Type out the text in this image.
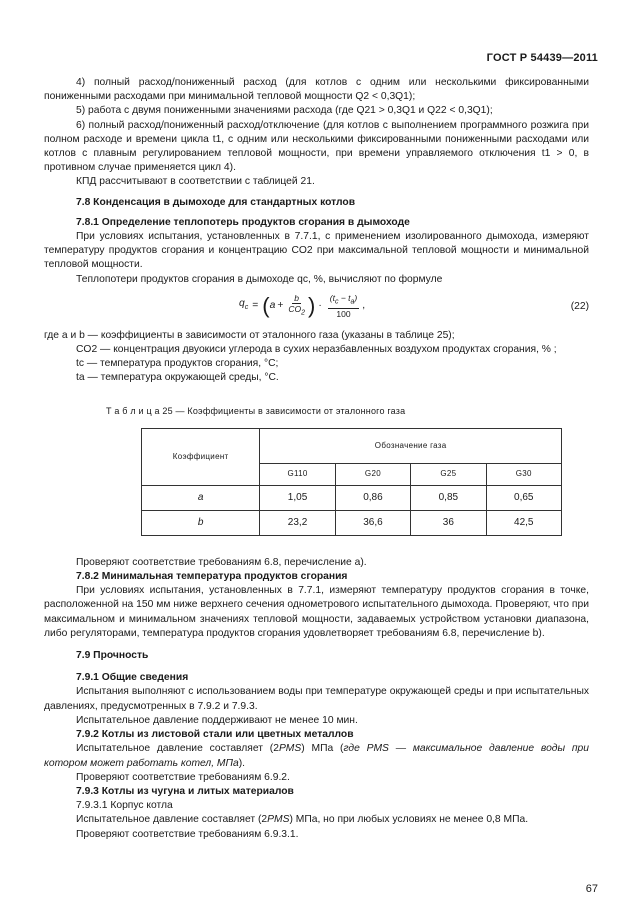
ГОСТ Р 54439—2011

4) полный расход/пониженный расход (для котлов с одним или несколькими фиксированными пониженными расходами при минимальной тепловой мощности Q2 < 0,3Q1);

5) работа с двумя пониженными значениями расхода (где Q21 > 0,3Q1 и Q22 < 0,3Q1);

6) полный расход/пониженный расход/отключение (для котлов с выполнением программного розжига при полном расходе и времени цикла t1, с одним или несколькими фиксированными пониженными расходами или котлов с плавным регулированием тепловой мощности, при времени управляемого отключения t1 > 0, в противном случае применяется цикл 4).

КПД рассчитывают в соответствии с таблицей 21.

7.8 Конденсация в дымоходе для стандартных котлов

7.8.1 Определение теплопотерь продуктов сгорания в дымоходе

При условиях испытания, установленных в 7.7.1, с применением изолированного дымохода, измеряют температуру продуктов сгорания и концентрацию CO2 при максимальной тепловой мощности и минимальной тепловой мощности.

Теплопотери продуктов сгорания в дымоходе qc, %, вычисляют по формуле

$q_c$ = ( $a + \frac{b}{CO_2}$ ) · $\frac{(t_c - t_a)}{100}$ ,	(22)

где a и b — коэффициенты в зависимости от эталонного газа (указаны в таблице 25);

CO2 — концентрация двуокиси углерода в сухих неразбавленных воздухом продуктах сгорания, % ;

tc — температура продуктов сгорания, °С;

ta — температура окружающей среды, °С.

Т а б л и ц а 25 — Коэффициенты в зависимости от эталонного газа
Коэффициент	Обозначение газа			
	G110	G20	G25	G30
a	1,05	0,86	0,85	0,65
b	23,2	36,6	36	42,5

Проверяют соответствие требованиям 6.8, перечисление а).

7.8.2 Минимальная температура продуктов сгорания

При условиях испытания, установленных в 7.7.1, измеряют температуру продуктов сгорания в точке, расположенной на 150 мм ниже верхнего сечения однометрового испытательного дымохода. Проверяют, что при максимальном и минимальном значениях тепловой мощности, задаваемых устройством установки диапазона, либо регуляторами, температура продуктов сгорания удовлетворяет требованиям 6.8, перечисление b).

7.9 Прочность

7.9.1 Общие сведения

Испытания выполняют с использованием воды при температуре окружающей среды и при испытательных давлениях, предусмотренных в 7.9.2 и 7.9.3.

Испытательное давление поддерживают не менее 10 мин.

7.9.2 Котлы из листовой стали или цветных металлов

Испытательное давление составляет (2PMS) МПа (где PMS — максимальное давление воды при котором может работать котел, МПа).

Проверяют соответствие требованиям 6.9.2.

7.9.3 Котлы из чугуна и литых материалов

7.9.3.1 Корпус котла

Испытательное давление составляет (2PMS) МПа, но при любых условиях не менее 0,8 МПа.

Проверяют соответствие требованиям 6.9.3.1.

67
